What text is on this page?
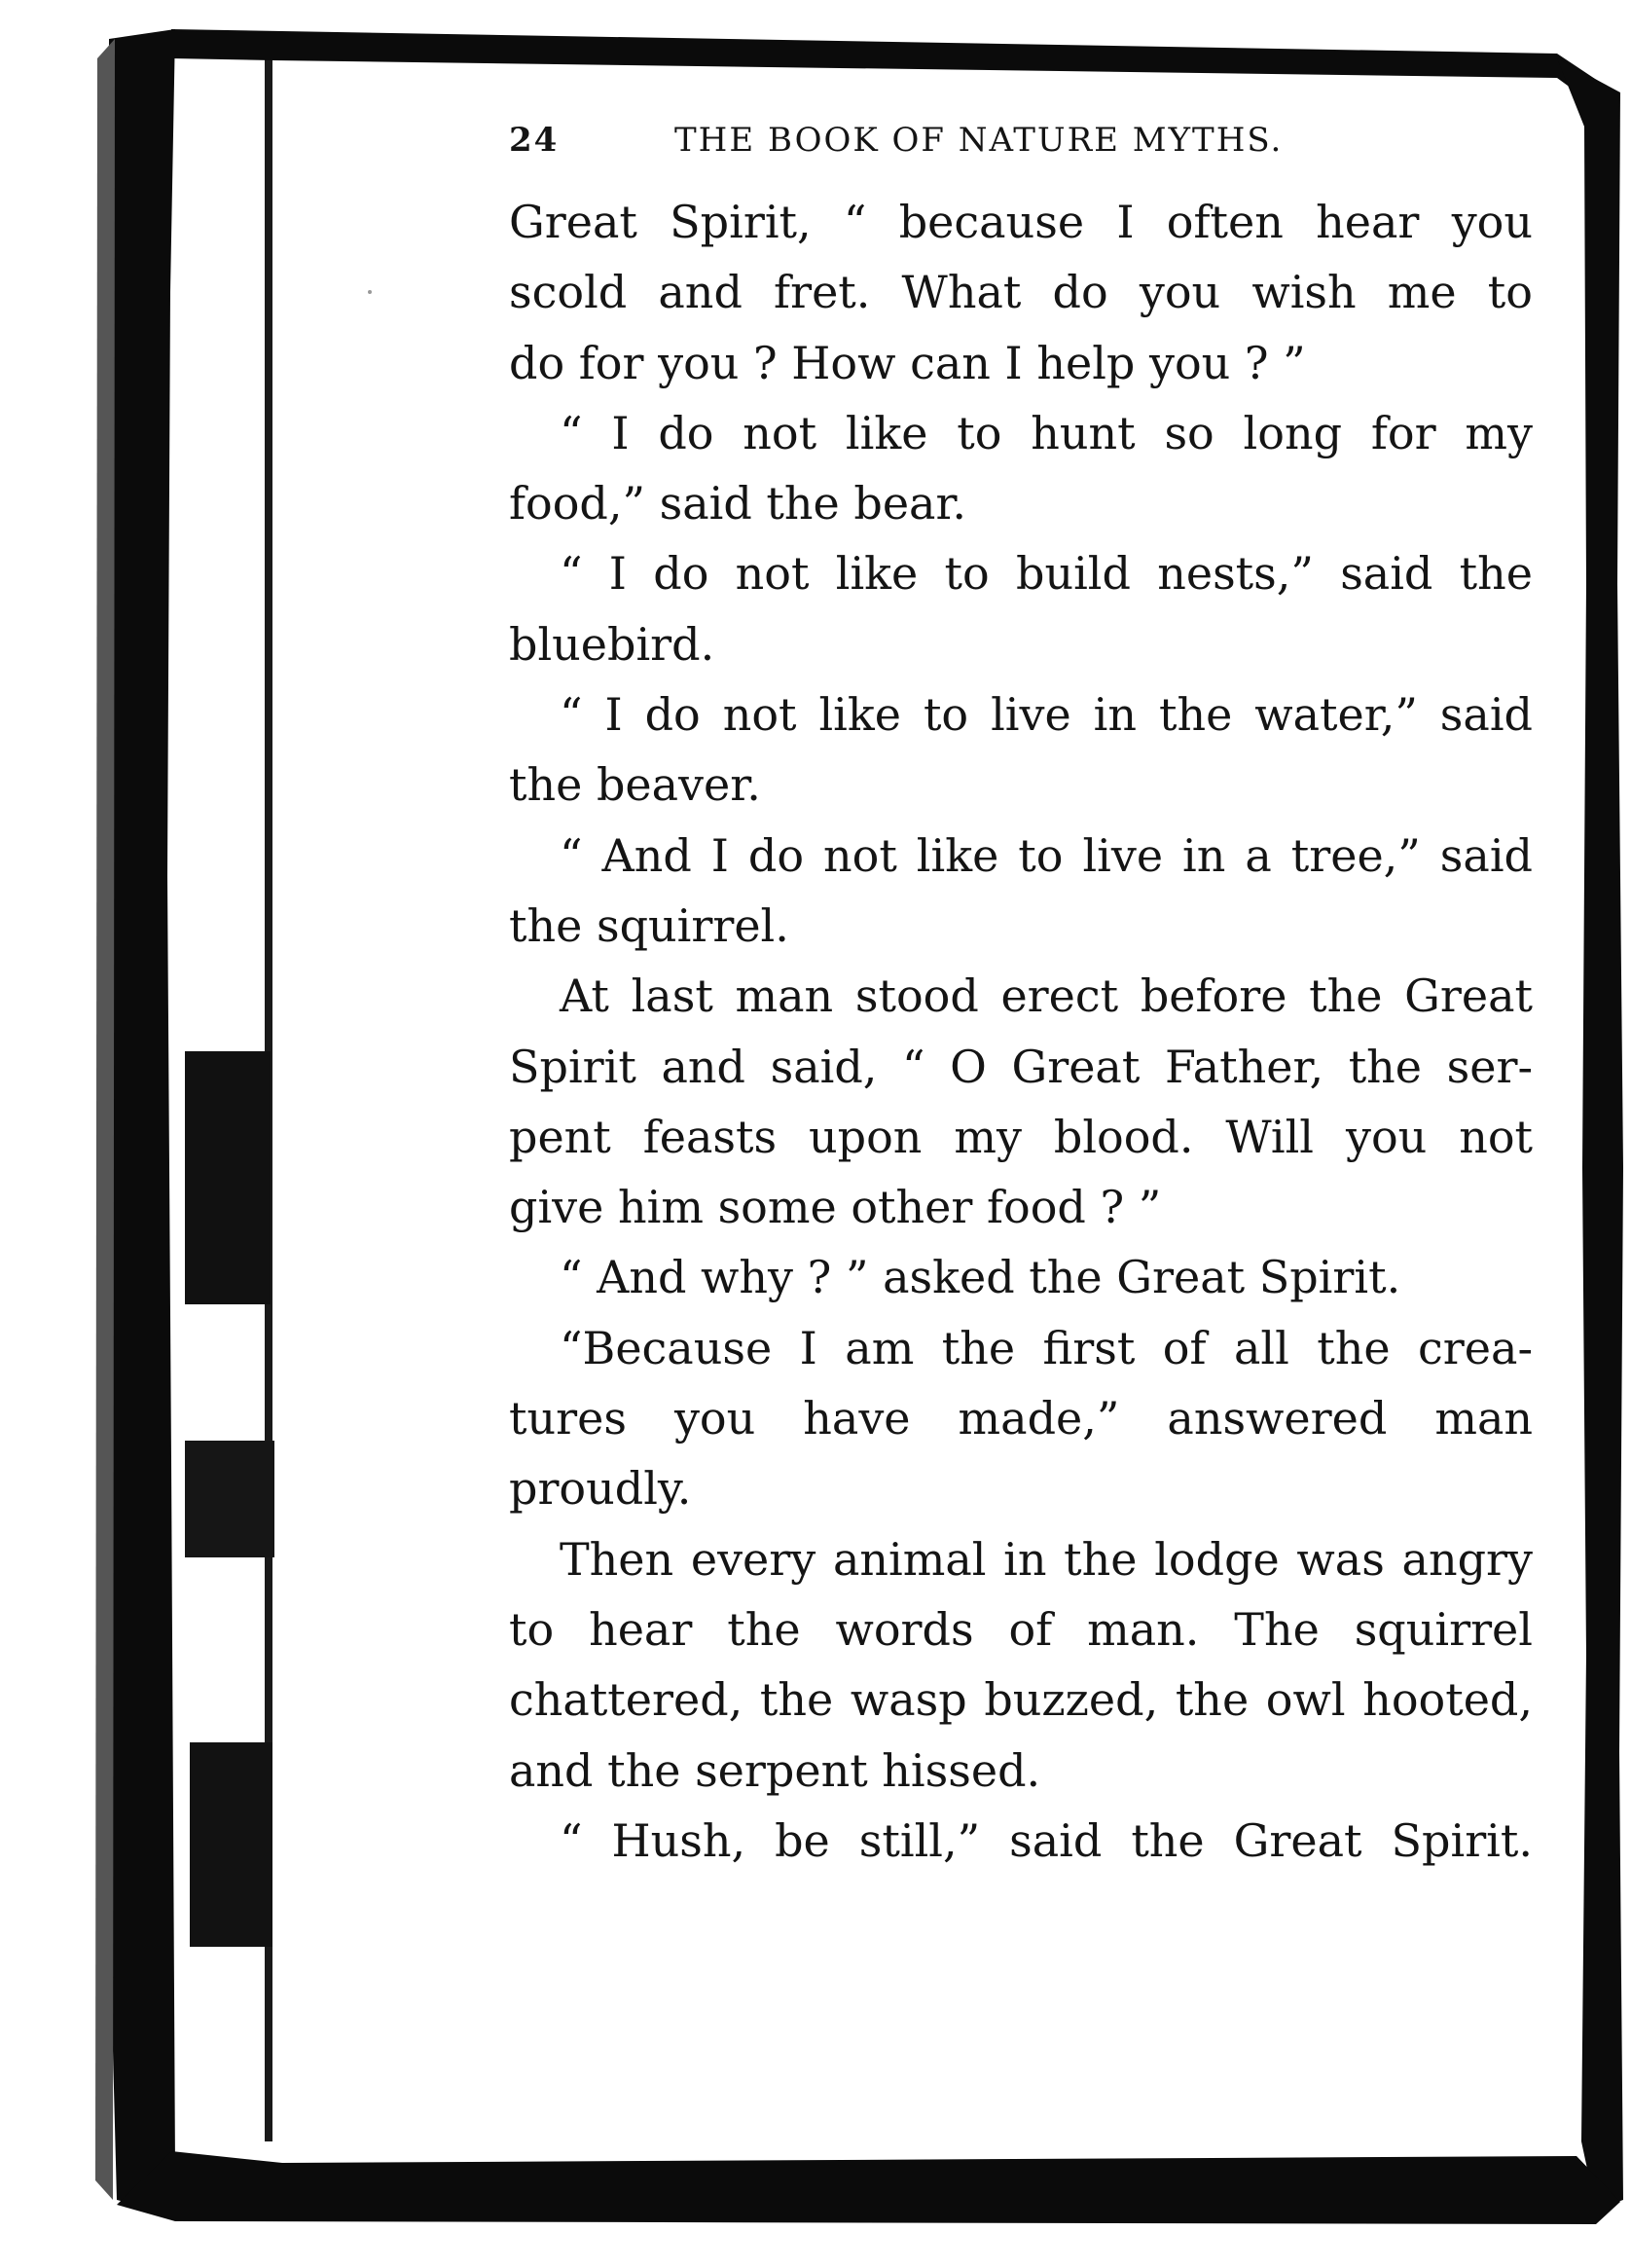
24	THE BOOK OF NATURE MYTHS.
Great Spirit, “ because I often hear you
scold and fret. What do you wish me to
do for you ? How can I help you ? ”
“ I do not like to hunt so long for my
food,” said the bear.
“ I do not like to build nests,” said the
bluebird.
“ I do not like to live in the water,” said
the beaver.
“ And I do not like to live in a tree,” said
the squirrel.
At last man stood erect before the Great
Spirit and said, “ O Great Father, the ser-
pent feasts upon my blood. Will you not
give him some other food ? ”
“ And why ? ” asked the Great Spirit.
“Because I am the first of all the crea-
tures you have made,” answered man
proudly.
Then every animal in the lodge was angry
to hear the words of man. The squirrel
chattered, the wasp buzzed, the owl hooted,
and the serpent hissed.
“ Hush, be still,” said the Great Spirit.
